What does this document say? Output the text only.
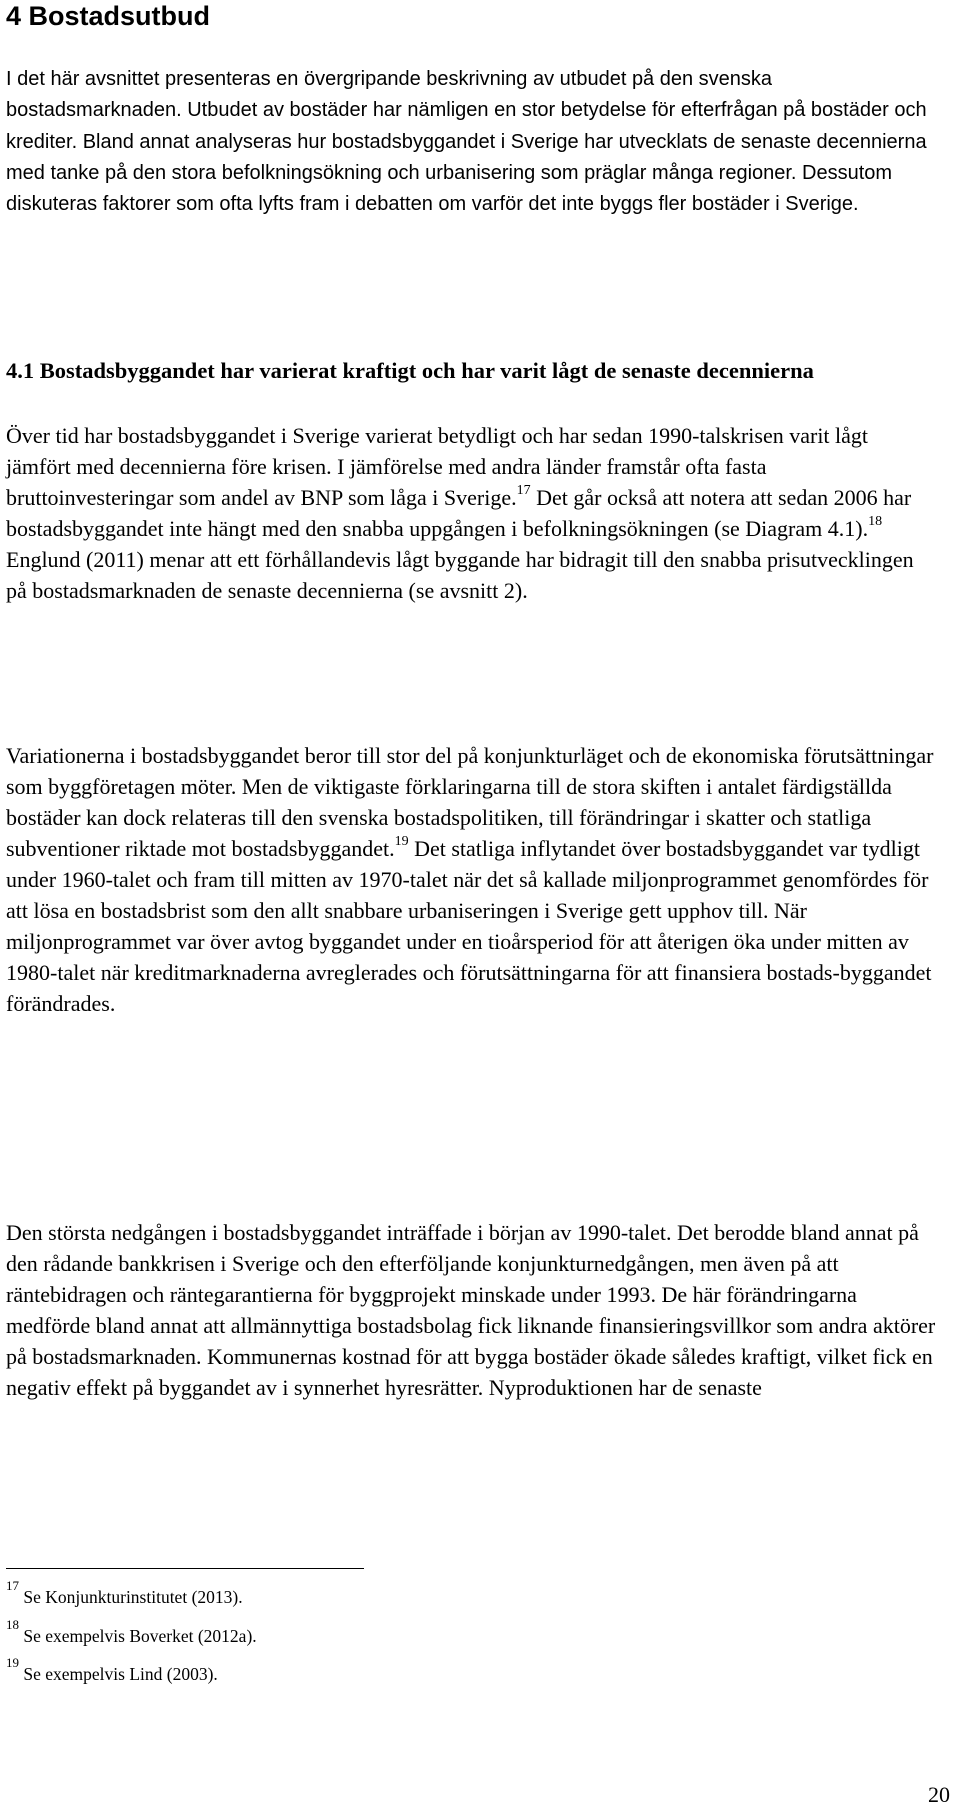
4 Bostadsutbud

I det här avsnittet presenteras en övergripande beskrivning av utbudet på den svenska bostadsmarknaden. Utbudet av bostäder har nämligen en stor betydelse för efterfrågan på bostäder och krediter. Bland annat analyseras hur bostadsbyggandet i Sverige har utvecklats de senaste decennierna med tanke på den stora befolkningsökning och urbanisering som präglar många regioner. Dessutom diskuteras faktorer som ofta lyfts fram i debatten om varför det inte byggs fler bostäder i Sverige.

4.1 Bostadsbyggandet har varierat kraftigt och har varit lågt de senaste decennierna

Över tid har bostadsbyggandet i Sverige varierat betydligt och har sedan 1990-talskrisen varit lågt jämfört med decennierna före krisen. I jämförelse med andra länder framstår ofta fasta bruttoinvesteringar som andel av BNP som låga i Sverige.$^{17}$ Det går också att notera att sedan 2006 har bostadsbyggandet inte hängt med den snabba uppgången i befolkningsökningen (se Diagram 4.1).$^{18}$ Englund (2011) menar att ett förhållandevis lågt byggande har bidragit till den snabba prisutvecklingen på bostadsmarknaden de senaste decennierna (se avsnitt 2).

Variationerna i bostadsbyggandet beror till stor del på konjunkturläget och de ekonomiska förutsättningar som byggföretagen möter. Men de viktigaste förklaringarna till de stora skiften i antalet färdigställda bostäder kan dock relateras till den svenska bostadspolitiken, till förändringar i skatter och statliga subventioner riktade mot bostadsbyggandet.$^{19}$ Det statliga inflytandet över bostadsbyggandet var tydligt under 1960-talet och fram till mitten av 1970-talet när det så kallade miljonprogrammet genomfördes för att lösa en bostadsbrist som den allt snabbare urbaniseringen i Sverige gett upphov till. När miljonprogrammet var över avtog byggandet under en tioårsperiod för att återigen öka under mitten av 1980-talet när kreditmarknaderna avreglerades och förutsättningarna för att finansiera bostads-byggandet förändrades.

Den största nedgången i bostadsbyggandet inträffade i början av 1990-talet. Det berodde bland annat på den rådande bankkrisen i Sverige och den efterföljande konjunkturnedgången, men även på att räntebidragen och räntegarantierna för byggprojekt minskade under 1993. De här förändringarna medförde bland annat att allmännyttiga bostadsbolag fick liknande finansieringsvillkor som andra aktörer på bostadsmarknaden. Kommunernas kostnad för att bygga bostäder ökade således kraftigt, vilket fick en negativ effekt på byggandet av i synnerhet hyresrätter. Nyproduktionen har de senaste

$^{17}$ Se Konjunkturinstitutet (2013).
$^{18}$ Se exempelvis Boverket (2012a).
$^{19}$ Se exempelvis Lind (2003).
20
